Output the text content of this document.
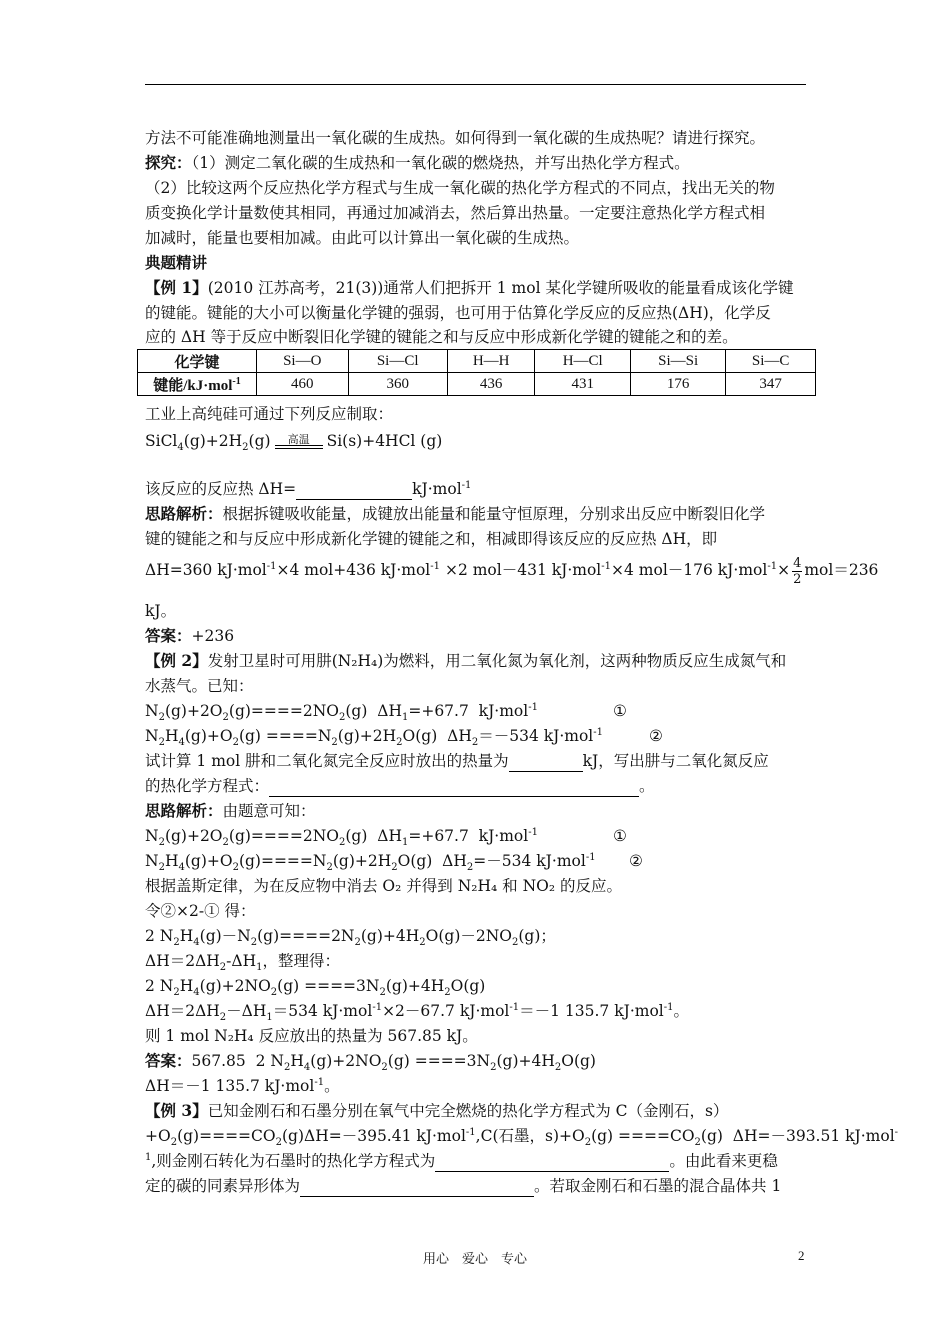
方法不可能准确地测量出一氧化碳的生成热。如何得到一氧化碳的生成热呢？请进行探究。
探究：（1）测定二氧化碳的生成热和一氧化碳的燃烧热，并写出热化学方程式。
（2）比较这两个反应热化学方程式与生成一氧化碳的热化学方程式的不同点，找出无关的物
质变换化学计量数使其相同，再通过加减消去，然后算出热量。一定要注意热化学方程式相
加减时，能量也要相加减。由此可以计算出一氧化碳的生成热。
典题精讲
【例 1】(2010 江苏高考，21(3))通常人们把拆开 1 mol 某化学键所吸收的能量看成该化学键
的键能。键能的大小可以衡量化学键的强弱，也可用于估算化学反应的反应热(ΔH)，化学反
应的 ΔH 等于反应中断裂旧化学键的键能之和与反应中形成新化学键的键能之和的差。
化学键	Si—O	Si—Cl	H—H	H—Cl	Si—Si	Si—C
键能/kJ·mol$^{-1}$	460	360	436	431	176	347
工业上高纯硅可通过下列反应制取：
$SiCl_4(g)+2H_2(g)$	高温	Si(s)+4HCl (g)
该反应的反应热 ΔH=	kJ·mol$^{-1}$
思路解析：根据拆键吸收能量，成键放出能量和能量守恒原理，分别求出反应中断裂旧化学
键的键能之和与反应中形成新化学键的键能之和，相减即得该反应的反应热 ΔH，即
ΔH=360 kJ·mol$^{-1}$×4 mol+436 kJ·mol$^{-1}$ ×2 mol－431 kJ·mol$^{-1}$×4 mol－176 $kJ\cdot mol^{-1}\times \frac{4}{2} mol=236$
kJ。
答案：+236
【例 2】发射卫星时可用肼(N₂H₄)为燃料，用二氧化氮为氧化剂，这两种物质反应生成氮气和
水蒸气。已知：
$N_2(g)+2O_2(g)====2NO_2(g)$  $\Delta H_1=+67.7$  kJ·mol$^{-1}$	①
$N_2H_4(g)+O_2(g) ====N_2(g)+2H_2O(g)$  $\Delta H_2=-534$ kJ·mol$^{-1}$	②
试计算 1 mol 肼和二氧化氮完全反应时放出的热量为	kJ，写出肼与二氧化氮反应
的热化学方程式：	。
思路解析：由题意可知：
$N_2(g)+2O_2(g)====2NO_2(g)$  $\Delta H_1=+67.7$  kJ·mol$^{-1}$	①
$N_2H_4(g)+O_2(g)====N_2(g)+2H_2O(g)$  $\Delta H_2=-534$ kJ·mol$^{-1}$ ②
根据盖斯定律，为在反应物中消去 O₂ 并得到 N₂H₄ 和 NO₂ 的反应。
令②×2-① 得：
2 $N_2H_4(g)-N_2(g)====2N_2(g)+4H_2O(g)-2NO_2(g)$；
$\Delta H=2\Delta H_2-\Delta H_1$，整理得：
2 $N_2H_4(g)+2NO_2(g) ====3N_2(g)+4H_2O(g)$
$\Delta H=2\Delta H_2-\Delta H_1=534$ kJ·mol$^{-1}$×2－67.7 kJ·mol$^{-1}$＝－1 135.7 kJ·mol$^{-1}$。
则 1 mol N₂H₄ 反应放出的热量为 567.85 kJ。
答案：567.85  2 $N_2H_4(g)+2NO_2(g) ====3N_2(g)+4H_2O(g)$
ΔH＝－1 135.7 kJ·mol$^{-1}$。
【例 3】已知金刚石和石墨分别在氧气中完全燃烧的热化学方程式为 C（金刚石，s）
$+O_2(g)====CO_2(g)\Delta H=-395.41$ kJ·mol$^{-1}$,C(石墨，$s)+O_2(g) ====CO_2(g)$  ΔH=－393.51 kJ·mol-
$^1$,则金刚石转化为石墨时的热化学方程式为	。由此看来更稳
定的碳的同素异形体为	。若取金刚石和石墨的混合晶体共 1
用心　爱心　专心	2
